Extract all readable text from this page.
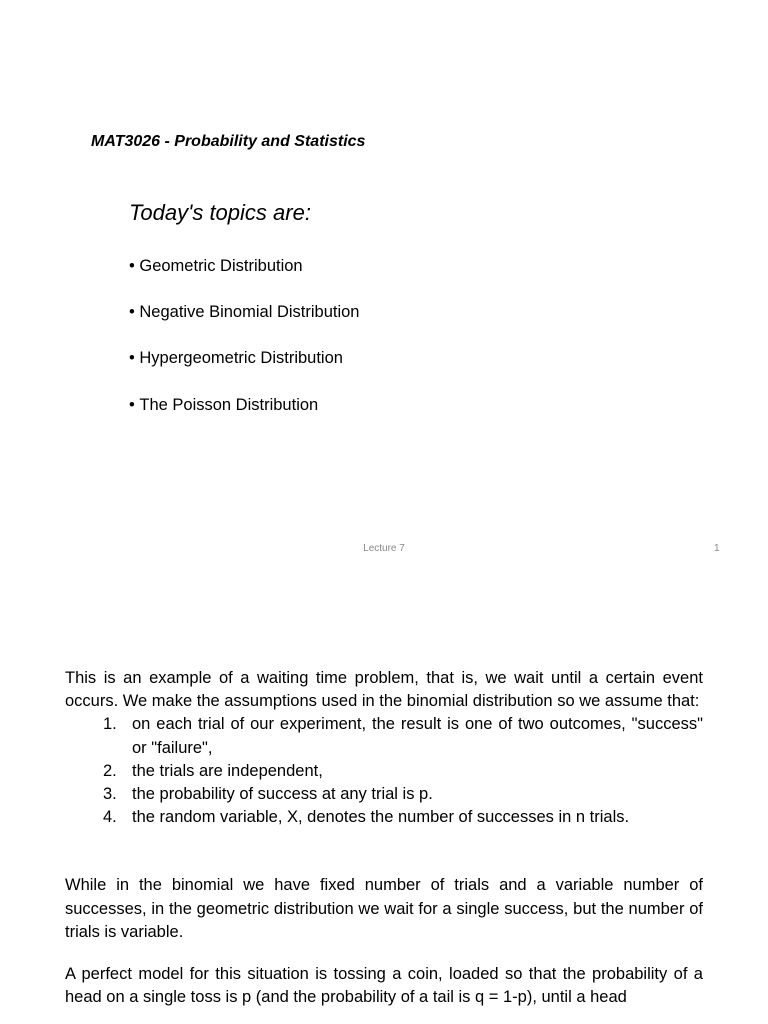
MAT3026 - Probability and Statistics
Today's topics are:
• Geometric Distribution
• Negative Binomial Distribution
• Hypergeometric Distribution
• The Poisson Distribution
Lecture 7	1

This is an example of a waiting time problem, that is, we wait until a certain event occurs. We make the assumptions used in the binomial distribution so we assume that:

1. on each trial of our experiment, the result is one of two outcomes, "success" or "failure",
2. the trials are independent,
3. the probability of success at any trial is p.
4. the random variable, X, denotes the number of successes in n trials.

While in the binomial we have fixed number of trials and a variable number of successes, in the geometric distribution we wait for a single success, but the number of trials is variable.

A perfect model for this situation is tossing a coin, loaded so that the probability of a head on a single toss is p (and the probability of a tail is q = 1-p), until a head
